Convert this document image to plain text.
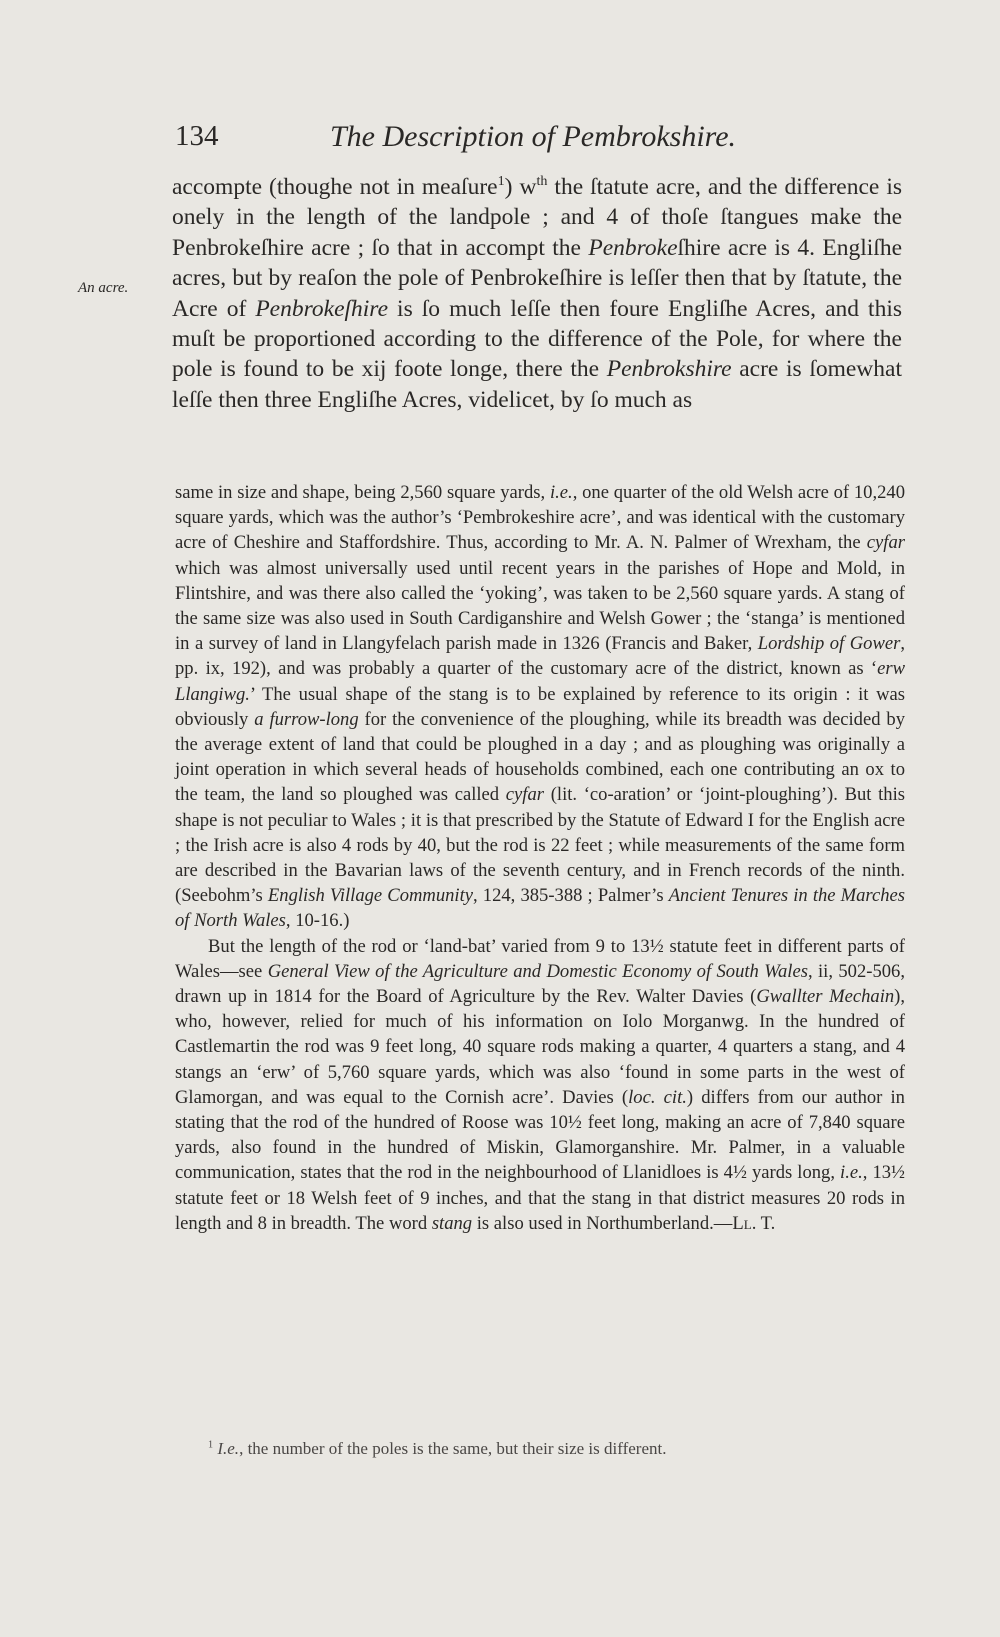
134	The Description of Pembrokshire.
An acre.

accompte (thoughe not in meaſure$^1$) $w^{th}$ the ſtatute acre, and the difference is onely in the length of the landpole ; and 4 of thoſe ſtangues make the Penbrokeſhire acre ; ſo that in accompt the Penbrokeſhire acre is 4. Engliſhe acres, but by reaſon the pole of Penbrokeſhire is leſſer then that by ſtatute, the Acre of Penbrokeſhire is ſo much leſſe then foure Engliſhe Acres, and this muſt be proportioned according to the difference of the Pole, for where the pole is found to be xij foote longe, there the Penbrokshire acre is ſomewhat leſſe then three Engliſhe Acres, videlicet, by ſo much as

same in size and shape, being 2,560 square yards, i.e., one quarter of the old Welsh acre of 10,240 square yards, which was the author’s ‘Pembrokeshire acre’, and was identical with the customary acre of Cheshire and Staffordshire. Thus, according to Mr. A. N. Palmer of Wrexham, the cyfar which was almost universally used until recent years in the parishes of Hope and Mold, in Flintshire, and was there also called the ‘yoking’, was taken to be 2,560 square yards. A stang of the same size was also used in South Cardiganshire and Welsh Gower ; the ‘stanga’ is mentioned in a survey of land in Llangyfelach parish made in 1326 (Francis and Baker, Lordship of Gower, pp. ix, 192), and was probably a quarter of the customary acre of the district, known as ‘erw Llangiwg.’ The usual shape of the stang is to be explained by reference to its origin : it was obviously a furrow-long for the convenience of the ploughing, while its breadth was decided by the average extent of land that could be ploughed in a day ; and as ploughing was originally a joint operation in which several heads of households combined, each one contributing an ox to the team, the land so ploughed was called cyfar (lit. ‘co-aration’ or ‘joint-ploughing’). But this shape is not peculiar to Wales ; it is that prescribed by the Statute of Edward I for the English acre ; the Irish acre is also 4 rods by 40, but the rod is 22 feet ; while measurements of the same form are described in the Bavarian laws of the seventh century, and in French records of the ninth. (Seebohm’s English Village Community, 124, 385-388 ; Palmer’s Ancient Tenures in the Marches of North Wales, 10-16.)

But the length of the rod or ‘land-bat’ varied from 9 to 13½ statute feet in different parts of Wales—see General View of the Agriculture and Domestic Economy of South Wales, ii, 502-506, drawn up in 1814 for the Board of Agriculture by the Rev. Walter Davies (Gwallter Mechain), who, however, relied for much of his information on Iolo Morganwg. In the hundred of Castlemartin the rod was 9 feet long, 40 square rods making a quarter, 4 quarters a stang, and 4 stangs an ‘erw’ of 5,760 square yards, which was also ‘found in some parts in the west of Glamorgan, and was equal to the Cornish acre’. Davies (loc. cit.) differs from our author in stating that the rod of the hundred of Roose was 10½ feet long, making an acre of 7,840 square yards, also found in the hundred of Miskin, Glamorganshire. Mr. Palmer, in a valuable communication, states that the rod in the neighbourhood of Llanidloes is 4½ yards long, i.e., 13½ statute feet or 18 Welsh feet of 9 inches, and that the stang in that district measures 20 rods in length and 8 in breadth. The word stang is also used in Northumberland.—Ll. T.

$^1$ I.e., the number of the poles is the same, but their size is different.
